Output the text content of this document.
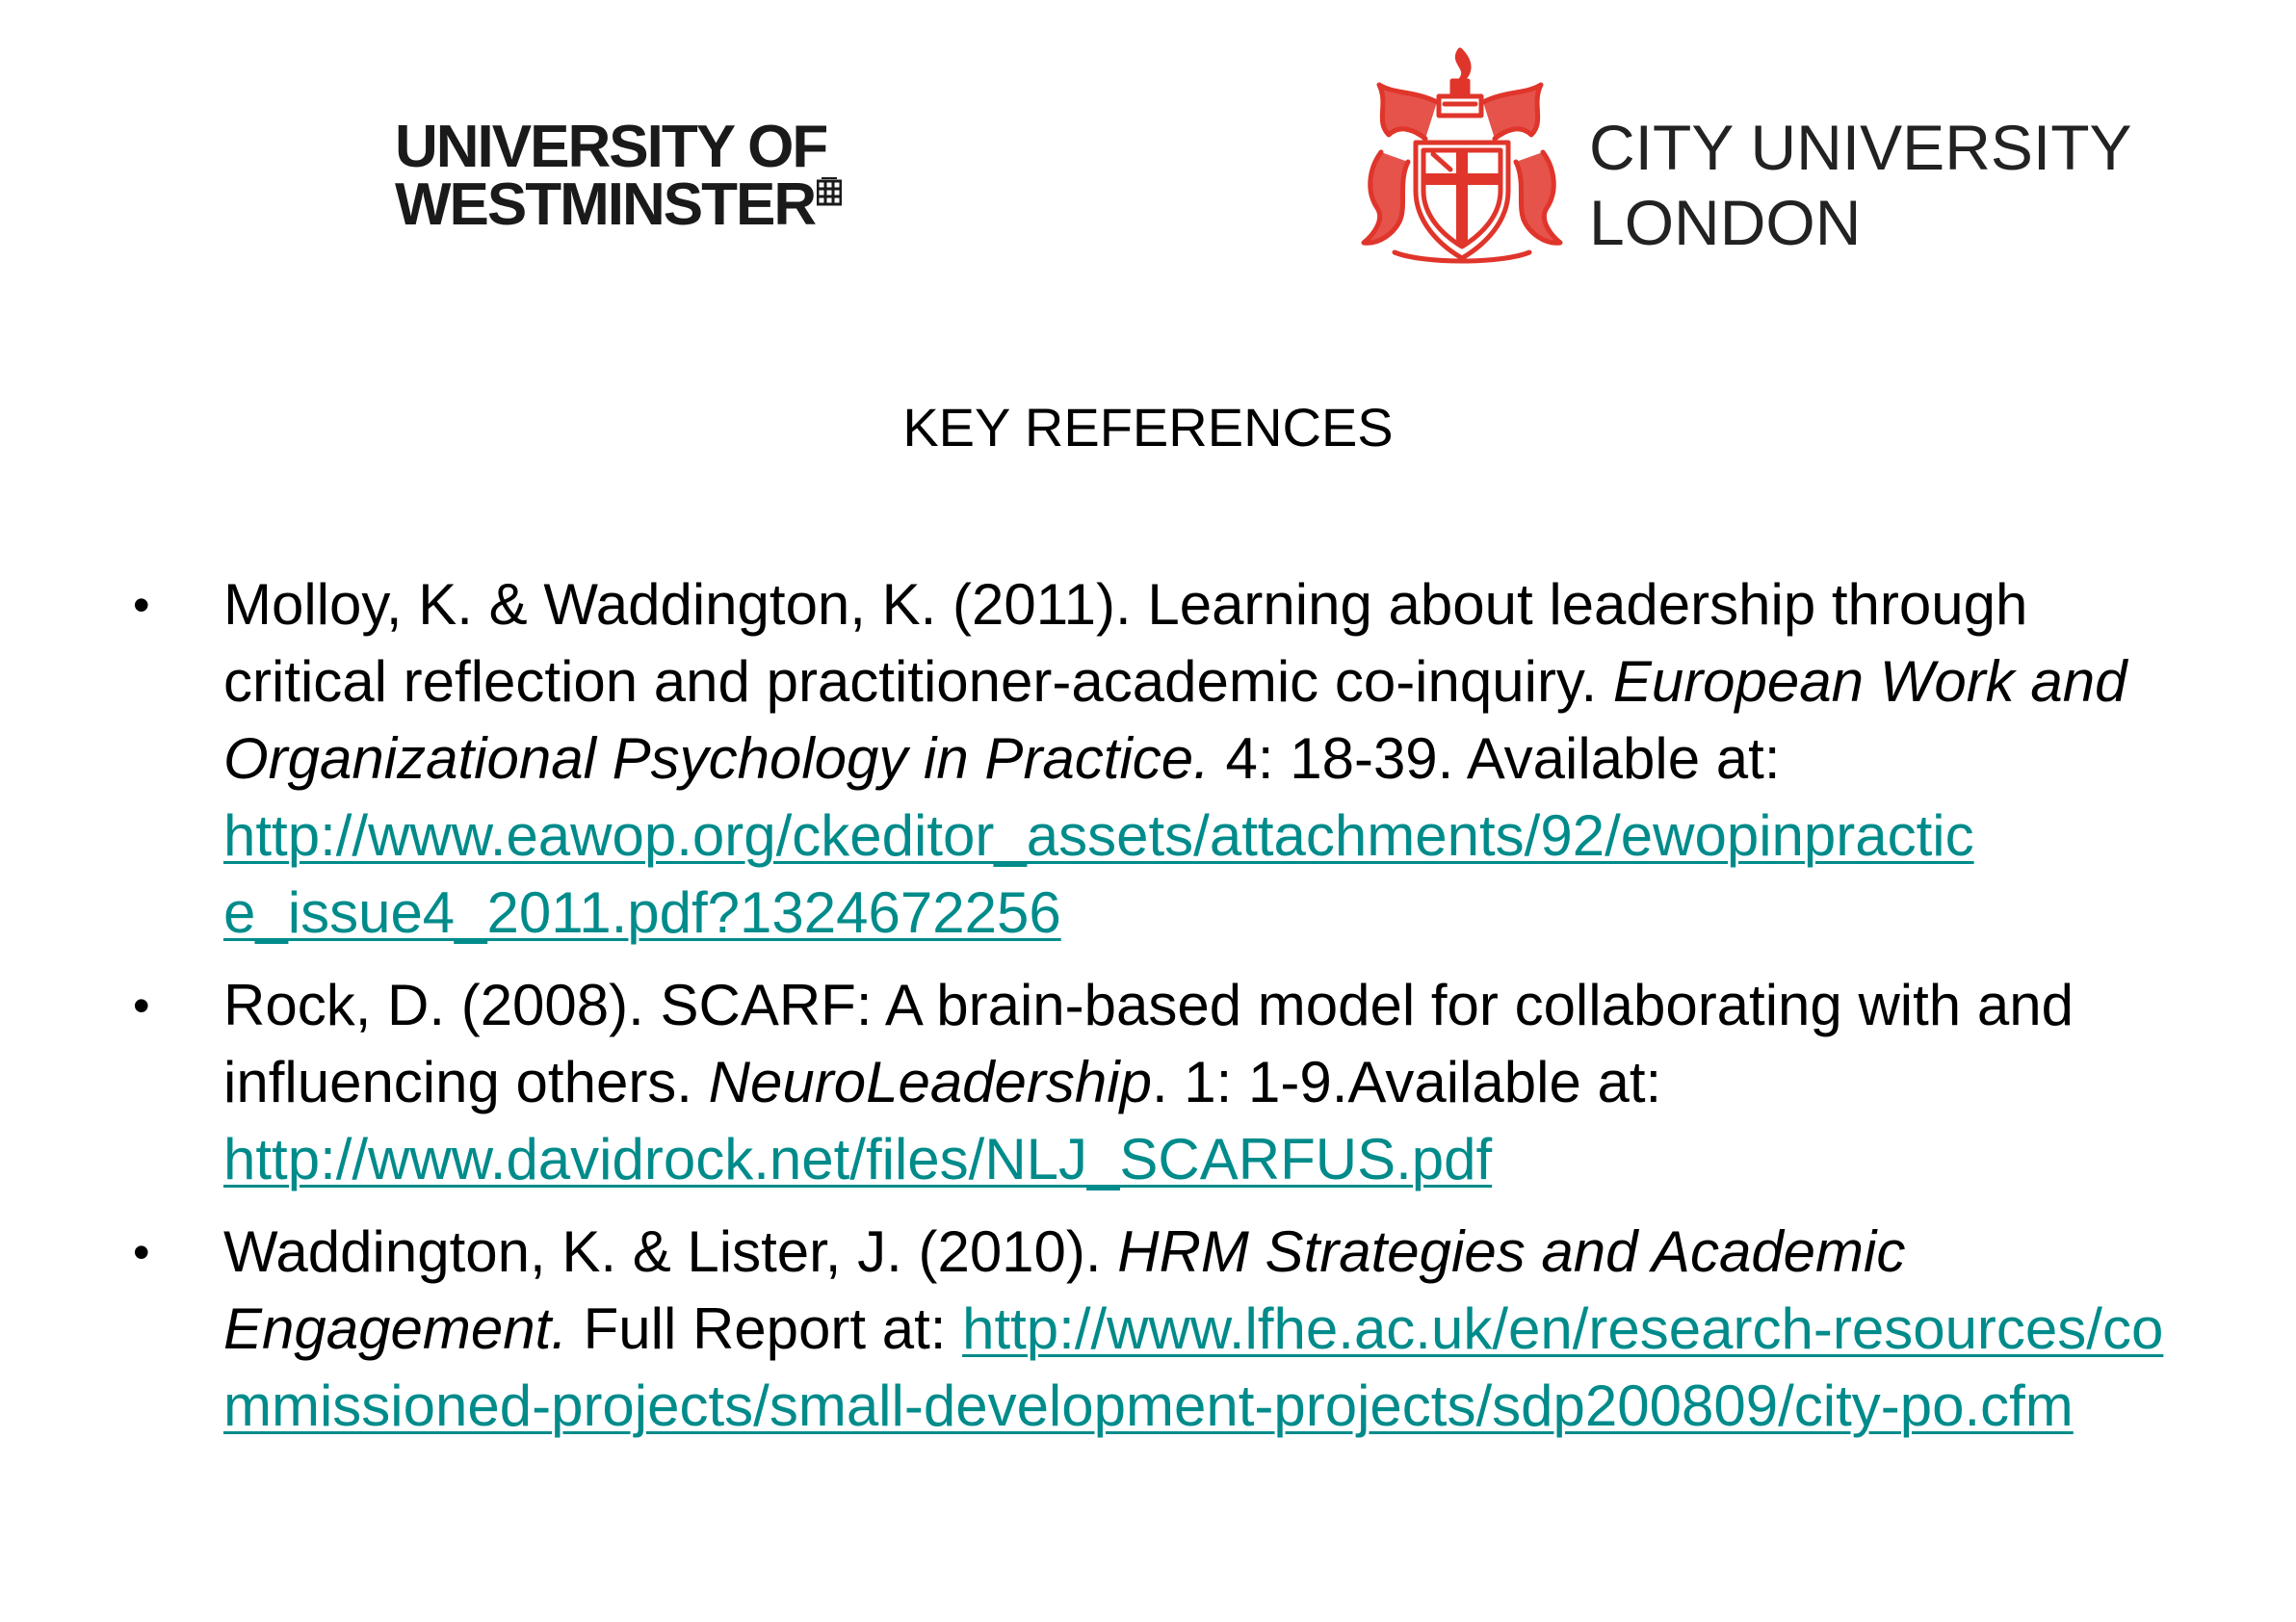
UNIVERSITY OF
WESTMINSTER
CITY UNIVERSITY
LONDON
KEY REFERENCES
• Molloy, K. & Waddington, K. (2011). Learning about leadership through critical reflection and practitioner-academic co-inquiry. European Work and Organizational Psychology in Practice. 4: 18-39. Available at:
http://www.eawop.org/ckeditor_assets/attachments/92/ewopinpractic
e_issue4_2011.pdf?1324672256
• Rock, D. (2008). SCARF: A brain-based model for collaborating with and influencing others. NeuroLeadership. 1: 1-9.Available at:
http://www.davidrock.net/files/NLJ_SCARFUS.pdf
• Waddington, K. & Lister, J. (2010). HRM Strategies and Academic Engagement. Full Report at: http://www.lfhe.ac.uk/en/research-resources/commissioned-projects/small-development-projects/sdp200809/city-po.cfm
